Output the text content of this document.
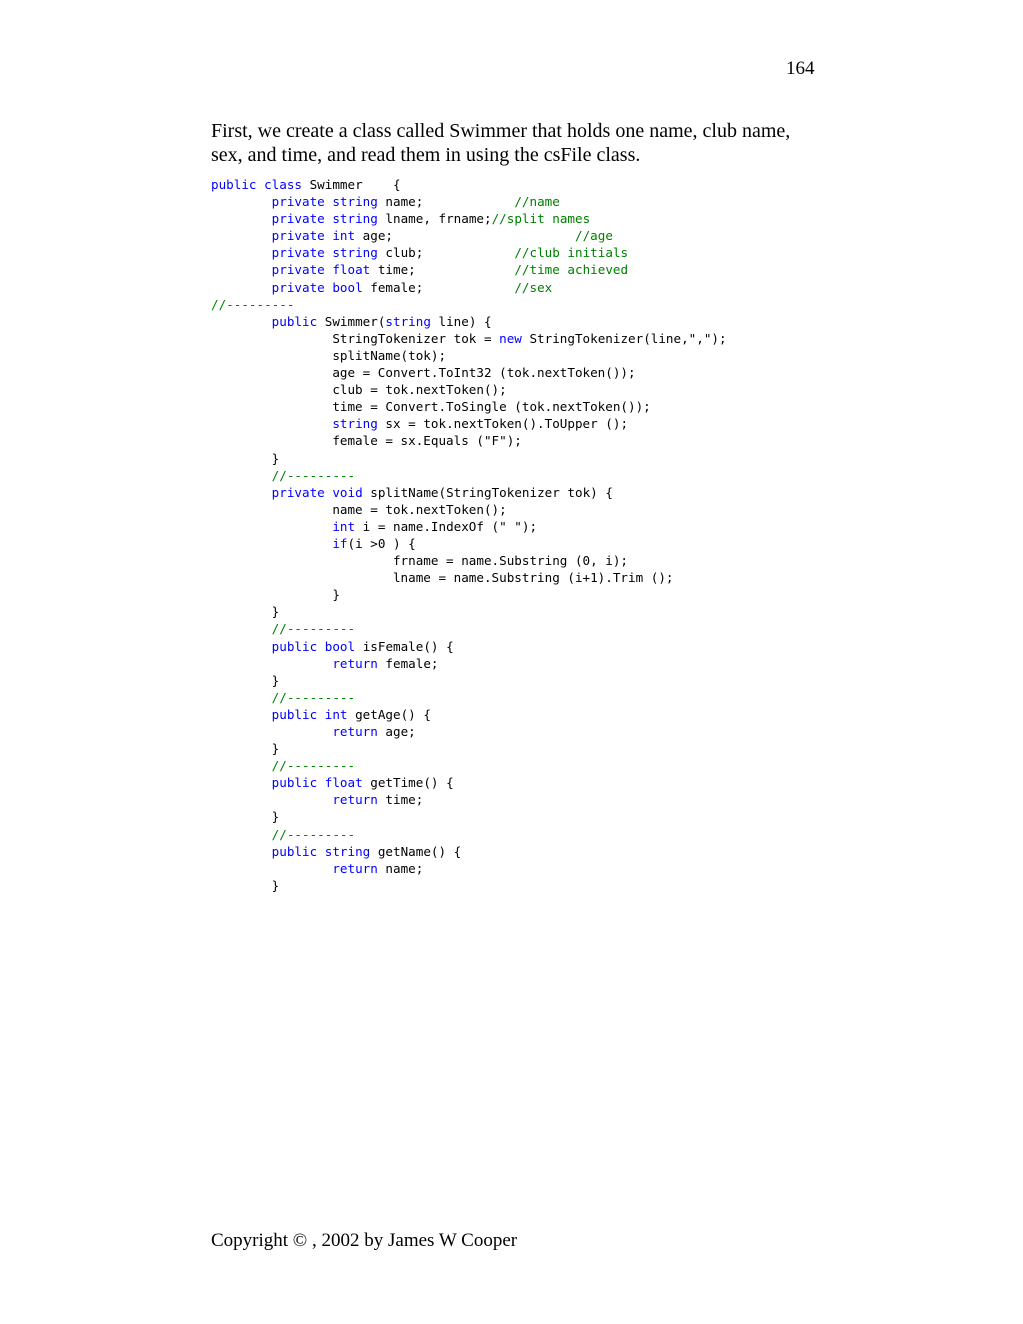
164
First, we create a class called Swimmer that holds one name, club name, sex, and time, and read them in using the csFile class.
public class Swimmer    {
private string name;            //name
private string lname, frname;//split names
private int age;                        //age
private string club;            //club initials
private float time;             //time achieved
private bool female;            //sex
//---------
public Swimmer(string line) {
StringTokenizer tok = new StringTokenizer(line,",");
splitName(tok);
age = Convert.ToInt32 (tok.nextToken());
club = tok.nextToken();
time = Convert.ToSingle (tok.nextToken());
string sx = tok.nextToken().ToUpper ();
female = sx.Equals ("F");
}
//---------
private void splitName(StringTokenizer tok) {
name = tok.nextToken();
int i = name.IndexOf (" ");
if(i >0 ) {
frname = name.Substring (0, i);
lname = name.Substring (i+1).Trim ();
}
}
//---------
public bool isFemale() {
return female;
}
//---------
public int getAge() {
return age;
}
//---------
public float getTime() {
return time;
}
//---------
public string getName() {
return name;
}
Copyright © , 2002 by James W Cooper
